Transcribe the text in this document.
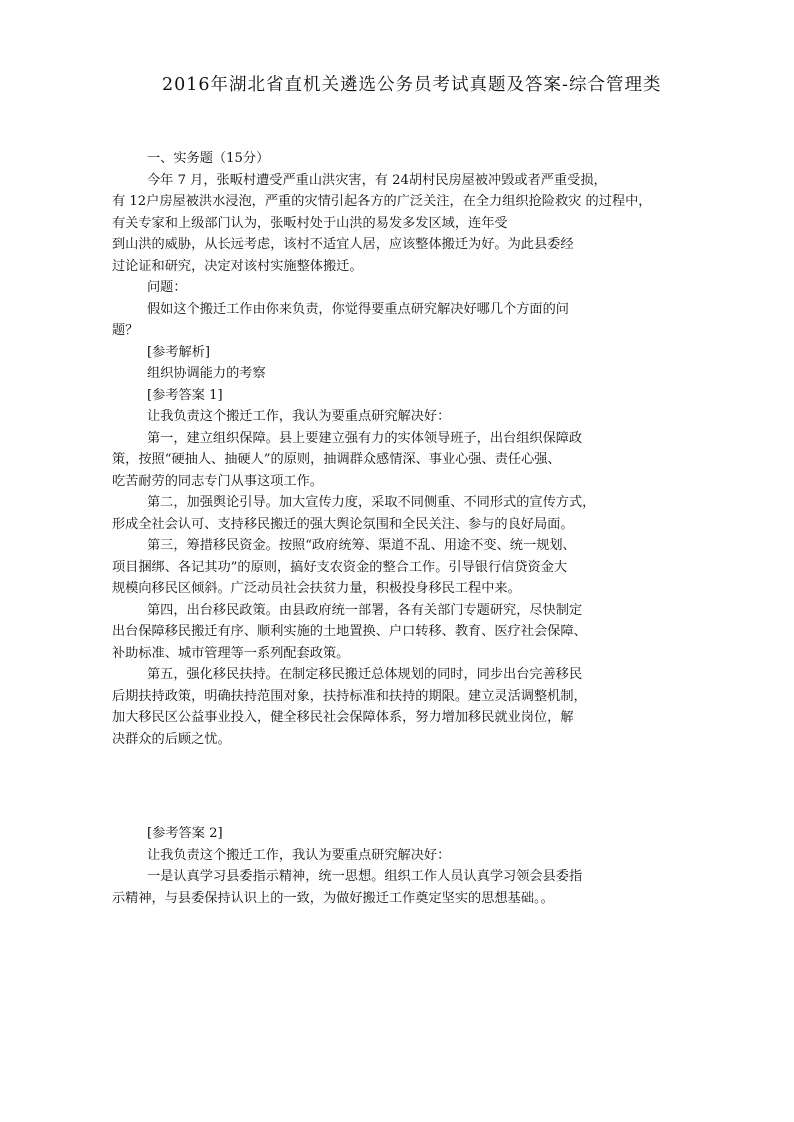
2016年湖北省直机关遴选公务员考试真题及答案-综合管理类
一、实务题（15分）
今年 7 月，张畈村遭受严重山洪灾害，有 24胡村民房屋被冲毁或者严重受损，
有 12户房屋被洪水浸泡，严重的灾情引起各方的广泛关注，在全力组织抢险救灾 的过程中，
有关专家和上级部门认为，张畈村处于山洪的易发多发区域，连年受
到山洪的威胁，从长远考虑，该村不适宜人居，应该整体搬迁为好。为此县委经
过论证和研究，决定对该村实施整体搬迁。
问题：
假如这个搬迁工作由你来负责，你觉得要重点研究解决好哪几个方面的问
题？
[参考解析]
组织协调能力的考察
[参考答案 1]
让我负责这个搬迁工作，我认为要重点研究解决好：
第一，建立组织保障。县上要建立强有力的实体领导班子，出台组织保障政
策，按照“硬抽人、抽硬人”的原则，抽调群众感情深、事业心强、责任心强、
吃苦耐劳的同志专门从事这项工作。
第二，加强舆论引导。加大宣传力度，采取不同侧重、不同形式的宣传方式，
形成全社会认可、支持移民搬迁的强大舆论氛围和全民关注、参与的良好局面。
第三，筹措移民资金。按照“政府统筹、渠道不乱、用途不变、统一规划、
项目捆绑、各记其功”的原则，搞好支农资金的整合工作。引导银行信贷资金大
规模向移民区倾斜。广泛动员社会扶贫力量，积极投身移民工程中来。
第四，出台移民政策。由县政府统一部署，各有关部门专题研究，尽快制定
出台保障移民搬迁有序、顺利实施的土地置换、户口转移、教育、医疗社会保障、
补助标准、城市管理等一系列配套政策。
第五，强化移民扶持。在制定移民搬迁总体规划的同时，同步出台完善移民
后期扶持政策，明确扶持范围对象，扶持标准和扶持的期限。建立灵活调整机制，
加大移民区公益事业投入，健全移民社会保障体系，努力增加移民就业岗位，解
决群众的后顾之忧。
[参考答案 2]
让我负责这个搬迁工作，我认为要重点研究解决好：
一是认真学习县委指示精神，统一思想。组织工作人员认真学习领会县委指
示精神，与县委保持认识上的一致，为做好搬迁工作奠定坚实的思想基础。。
